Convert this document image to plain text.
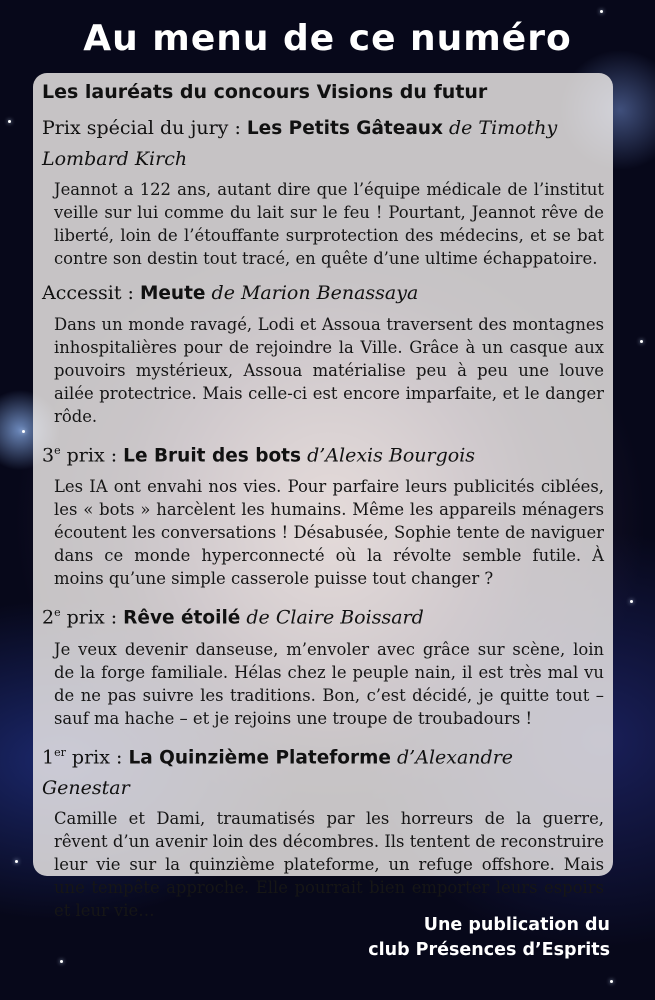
Au menu de ce numéro
Les lauréats du concours Visions du futur
Prix spécial du jury : Les Petits Gâteaux de Timothy Lombard Kirch
Jeannot a 122 ans, autant dire que l’équipe médicale de l’institut veille sur lui comme du lait sur le feu ! Pourtant, Jeannot rêve de liberté, loin de l’étouffante surprotection des médecins, et se bat contre son destin tout tracé, en quête d’une ultime échappatoire.
Accessit : Meute de Marion Benassaya
Dans un monde ravagé, Lodi et Assoua traversent des montagnes inhospitalières pour de rejoindre la Ville. Grâce à un casque aux pouvoirs mystérieux, Assoua matérialise peu à peu une louve ailée protectrice. Mais celle-ci est encore imparfaite, et le danger rôde.
3e prix : Le Bruit des bots d’Alexis Bourgois
Les IA ont envahi nos vies. Pour parfaire leurs publicités ciblées, les « bots » harcèlent les humains. Même les appareils ménagers écoutent les conversations ! Désabusée, Sophie tente de naviguer dans ce monde hyperconnecté où la révolte semble futile. À moins qu’une simple casserole puisse tout changer ?
2e prix : Rêve étoilé de Claire Boissard
Je veux devenir danseuse, m’envoler avec grâce sur scène, loin de la forge familiale. Hélas chez le peuple nain, il est très mal vu de ne pas suivre les traditions. Bon, c’est décidé, je quitte tout – sauf ma hache – et je rejoins une troupe de troubadours !
1er prix : La Quinzième Plateforme d’Alexandre Genestar
Camille et Dami, traumatisés par les horreurs de la guerre, rêvent d’un avenir loin des décombres. Ils tentent de reconstruire leur vie sur la quinzième plateforme, un refuge offshore. Mais une tempête approche. Elle pourrait bien emporter leurs espoirs et leur vie…
Une publication du
club Présences d’Esprits
